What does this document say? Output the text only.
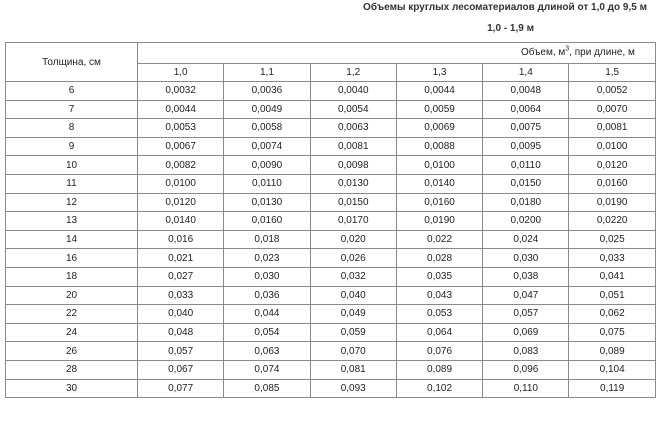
Объемы круглых лесоматериалов длиной от 1,0 до 9,5 м
1,0 - 1,9 м
Толщина, см	Объем, $м^3$, при длине, м					
	1,0	1,1	1,2	1,3	1,4	1,5
6	0,0032	0,0036	0,0040	0,0044	0,0048	0,0052
7	0,0044	0,0049	0,0054	0,0059	0,0064	0,0070
8	0,0053	0,0058	0,0063	0,0069	0,0075	0,0081
9	0,0067	0,0074	0,0081	0,0088	0,0095	0,0100
10	0,0082	0,0090	0,0098	0,0100	0,0110	0,0120
11	0,0100	0,0110	0,0130	0,0140	0,0150	0,0160
12	0,0120	0,0130	0,0150	0,0160	0,0180	0,0190
13	0,0140	0,0160	0,0170	0,0190	0,0200	0,0220
14	0,016	0,018	0,020	0,022	0,024	0,025
16	0,021	0,023	0,026	0,028	0,030	0,033
18	0,027	0,030	0,032	0,035	0,038	0,041
20	0,033	0,036	0,040	0,043	0,047	0,051
22	0,040	0,044	0,049	0,053	0,057	0,062
24	0,048	0,054	0,059	0,064	0,069	0,075
26	0,057	0,063	0,070	0,076	0,083	0,089
28	0,067	0,074	0,081	0,089	0,096	0,104
30	0,077	0,085	0,093	0,102	0,110	0,119
